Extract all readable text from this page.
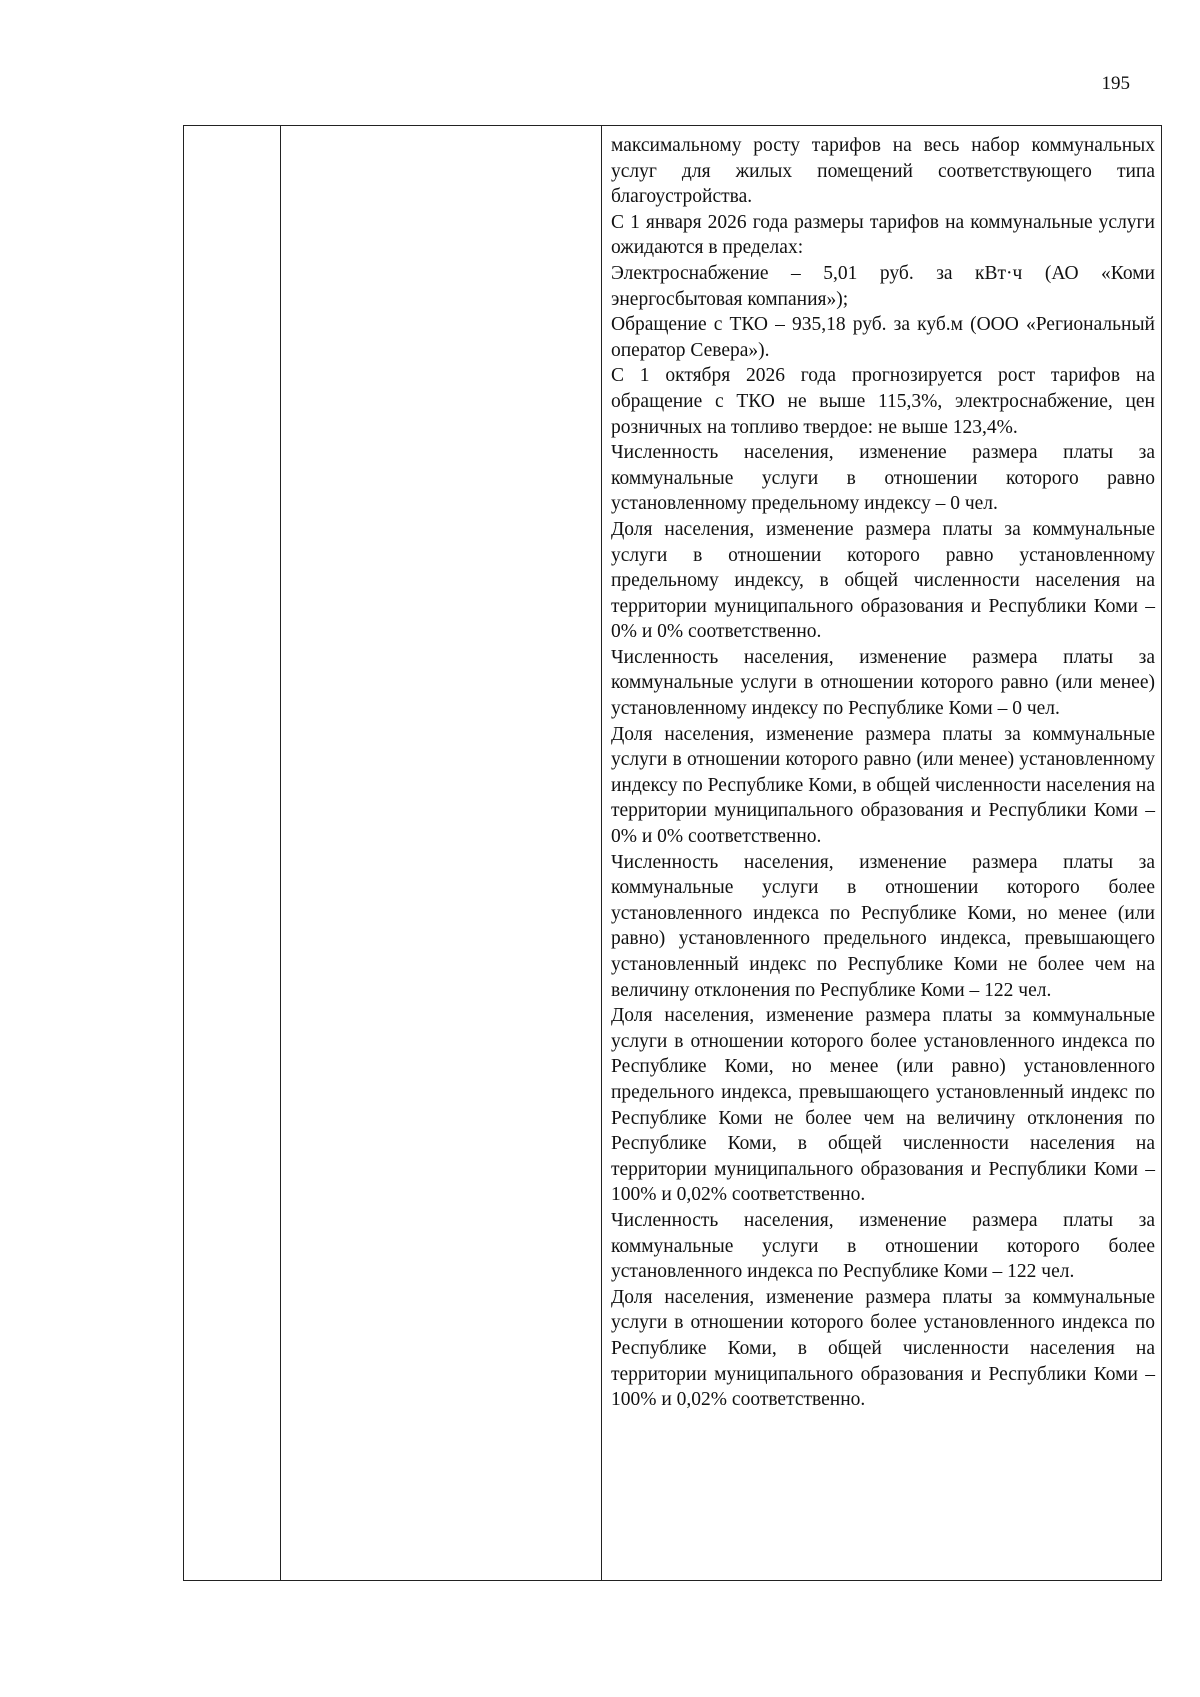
195

максимальному росту тарифов на весь набор коммунальных услуг для жилых помещений соответствующего типа благоустройства.

С 1 января 2026 года размеры тарифов на коммунальные услуги ожидаются в пределах:

Электроснабжение – 5,01 руб. за кВт·ч (АО «Коми энергосбытовая компания»);

Обращение с ТКО – 935,18 руб. за куб.м (ООО «Региональный оператор Севера»).

С 1 октября 2026 года прогнозируется рост тарифов на обращение с ТКО не выше 115,3%, электроснабжение, цен розничных на топливо твердое: не выше 123,4%.

Численность населения, изменение размера платы за коммунальные услуги в отношении которого равно установленному предельному индексу – 0 чел.

Доля населения, изменение размера платы за коммунальные услуги в отношении которого равно установленному предельному индексу, в общей численности населения на территории муниципального образования и Республики Коми – 0% и 0% соответственно.

Численность населения, изменение размера платы за коммунальные услуги в отношении которого равно (или менее) установленному индексу по Республике Коми – 0 чел.

Доля населения, изменение размера платы за коммунальные услуги в отношении которого равно (или менее) установленному индексу по Республике Коми, в общей численности населения на территории муниципального образования и Республики Коми – 0% и 0% соответственно.

Численность населения, изменение размера платы за коммунальные услуги в отношении которого более установленного индекса по Республике Коми, но менее (или равно) установленного предельного индекса, превышающего установленный индекс по Республике Коми не более чем на величину отклонения по Республике Коми – 122 чел.

Доля населения, изменение размера платы за коммунальные услуги в отношении которого более установленного индекса по Республике Коми, но менее (или равно) установленного предельного индекса, превышающего установленный индекс по Республике Коми не более чем на величину отклонения по Республике Коми, в общей численности населения на территории муниципального образования и Республики Коми – 100% и 0,02% соответственно.

Численность населения, изменение размера платы за коммунальные услуги в отношении которого более установленного индекса по Республике Коми – 122 чел.

Доля населения, изменение размера платы за коммунальные услуги в отношении которого более установленного индекса по Республике Коми, в общей численности населения на территории муниципального образования и Республики Коми – 100% и 0,02% соответственно.
